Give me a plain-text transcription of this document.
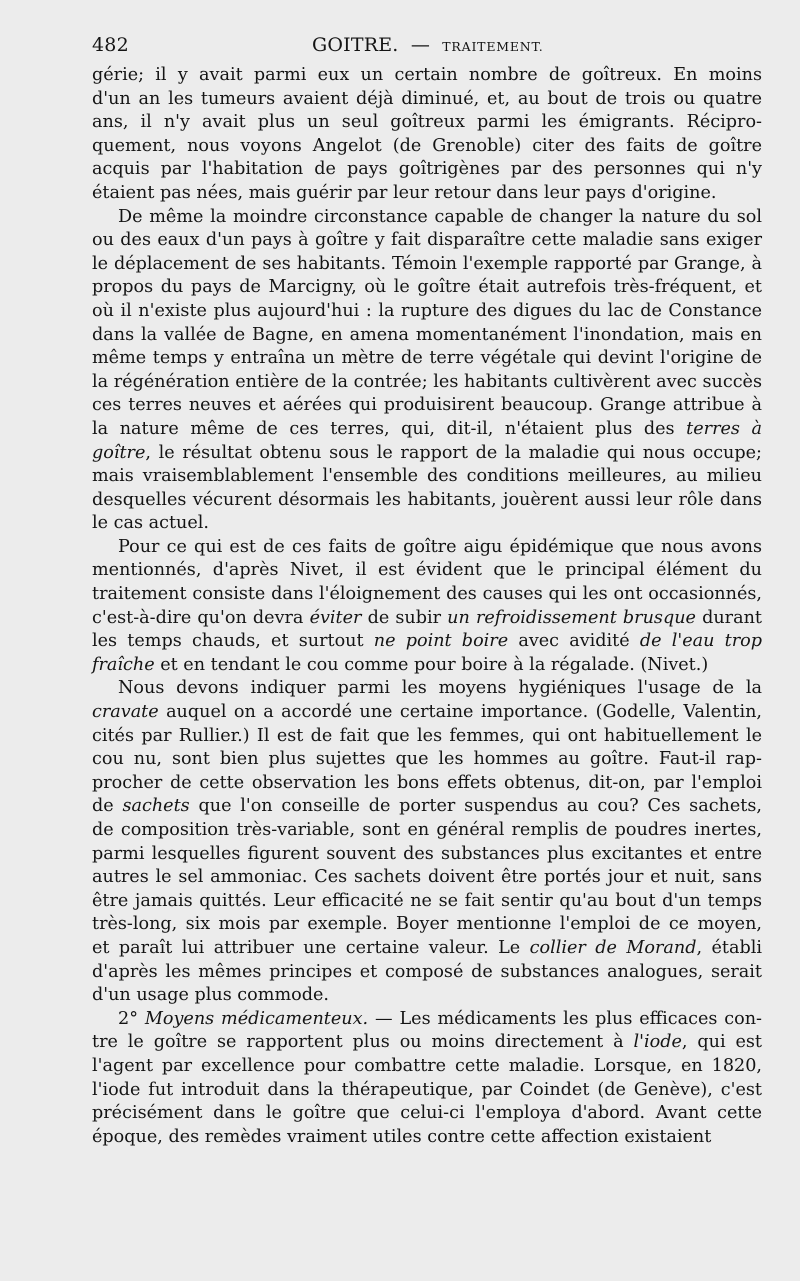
482	GOITRE. — TRAITEMENT.

gérie; il y avait parmi eux un certain nombre de goîtreux. En moins
d'un an les tumeurs avaient déjà diminué, et, au bout de trois ou quatre
ans, il n'y avait plus un seul goîtreux parmi les émigrants. Récipro-
quement, nous voyons Angelot (de Grenoble) citer des faits de goître
acquis par l'habitation de pays goîtrigènes par des personnes qui n'y
étaient pas nées, mais guérir par leur retour dans leur pays d'origine.

De même la moindre circonstance capable de changer la nature du sol
ou des eaux d'un pays à goître y fait disparaître cette maladie sans exiger
le déplacement de ses habitants. Témoin l'exemple rapporté par Grange, à
propos du pays de Marcigny, où le goître était autrefois très-fréquent, et
où il n'existe plus aujourd'hui : la rupture des digues du lac de Constance
dans la vallée de Bagne, en amena momentanément l'inondation, mais en
même temps y entraîna un mètre de terre végétale qui devint l'origine de
la régénération entière de la contrée; les habitants cultivèrent avec succès
ces terres neuves et aérées qui produisirent beaucoup. Grange attribue à
la nature même de ces terres, qui, dit-il, n'étaient plus des terres à
goître, le résultat obtenu sous le rapport de la maladie qui nous occupe;
mais vraisemblablement l'ensemble des conditions meilleures, au milieu
desquelles vécurent désormais les habitants, jouèrent aussi leur rôle dans
le cas actuel.

Pour ce qui est de ces faits de goître aigu épidémique que nous avons
mentionnés, d'après Nivet, il est évident que le principal élément du
traitement consiste dans l'éloignement des causes qui les ont occasionnés,
c'est-à-dire qu'on devra éviter de subir un refroidissement brusque durant
les temps chauds, et surtout ne point boire avec avidité de l'eau trop
fraîche et en tendant le cou comme pour boire à la régalade. (Nivet.)

Nous devons indiquer parmi les moyens hygiéniques l'usage de la
cravate auquel on a accordé une certaine importance. (Godelle, Valentin,
cités par Rullier.) Il est de fait que les femmes, qui ont habituellement le
cou nu, sont bien plus sujettes que les hommes au goître. Faut-il rap-
procher de cette observation les bons effets obtenus, dit-on, par l'emploi
de sachets que l'on conseille de porter suspendus au cou? Ces sachets,
de composition très-variable, sont en général remplis de poudres inertes,
parmi lesquelles figurent souvent des substances plus excitantes et entre
autres le sel ammoniac. Ces sachets doivent être portés jour et nuit, sans
être jamais quittés. Leur efficacité ne se fait sentir qu'au bout d'un temps
très-long, six mois par exemple. Boyer mentionne l'emploi de ce moyen,
et paraît lui attribuer une certaine valeur. Le collier de Morand, établi
d'après les mêmes principes et composé de substances analogues, serait
d'un usage plus commode.

2° Moyens médicamenteux. — Les médicaments les plus efficaces con-
tre le goître se rapportent plus ou moins directement à l'iode, qui est
l'agent par excellence pour combattre cette maladie. Lorsque, en 1820,
l'iode fut introduit dans la thérapeutique, par Coindet (de Genève), c'est
précisément dans le goître que celui-ci l'employa d'abord. Avant cette
époque, des remèdes vraiment utiles contre cette affection existaient
